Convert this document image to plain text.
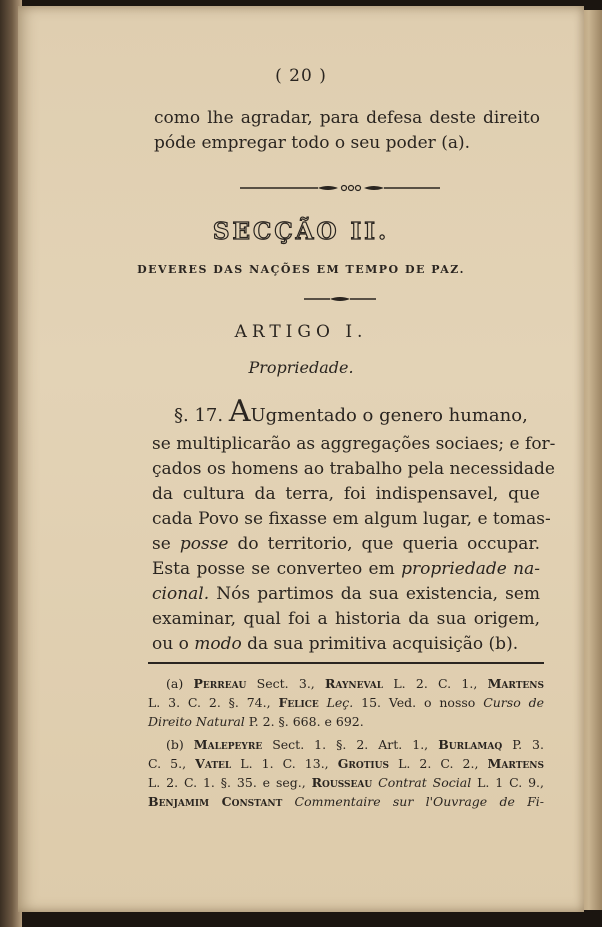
( 20 )
como lhe agradar, para defesa deste direito
póde empregar todo o seu poder (a).
SECÇÃO II.
DEVERES DAS NAÇÕES EM TEMPO DE PAZ.
ARTIGO I.
Propriedade.
§. 17. AUgmentado o genero humano,
se multiplicarão as aggregações sociaes; e for-
çados os homens ao trabalho pela necessidade
da cultura da terra, foi indispensavel, que
cada Povo se fixasse em algum lugar, e tomas-
se posse do territorio, que queria occupar.
Esta posse se converteo em propriedade na-
cional. Nós partimos da sua existencia, sem
examinar, qual foi a historia da sua origem,
ou o modo da sua primitiva acquisição (b).
(a) Perreau Sect. 3., Rayneval L. 2. C. 1., Martens
L. 3. C. 2. §. 74., Felice Leç. 15. Ved. o nosso Curso de
Direito Natural P. 2. §. 668. e 692.
(b) Malepeyre Sect. 1. §. 2. Art. 1., Burlamaq P. 3.
C. 5., Vatel L. 1. C. 13., Grotius L. 2. C. 2., Martens
L. 2. C. 1. §. 35. e seg., Rousseau Contrat Social L. 1 C. 9.,
Benjamim Constant Commentaire sur l'Ouvrage de Fi-
